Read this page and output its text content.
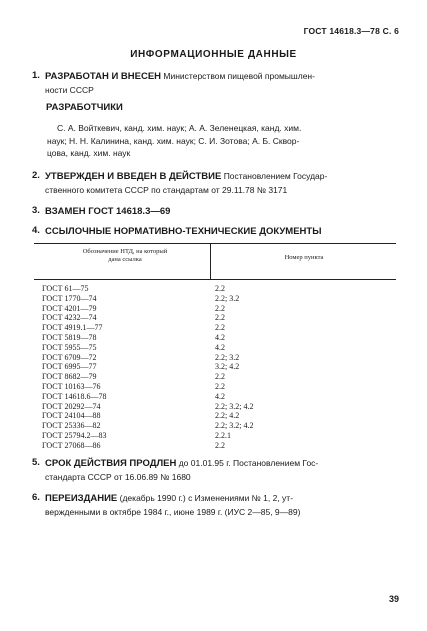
ГОСТ 14618.3—78 С. 6
ИНФОРМАЦИОННЫЕ ДАННЫЕ
1. РАЗРАБОТАН И ВНЕСЕН Министерством пищевой промышлен-
ности СССР
РАЗРАБОТЧИКИ
С. А. Войткевич, канд. хим. наук; А. А. Зеленецкая, канд. хим.
наук; Н. Н. Калинина, канд. хим. наук; С. И. Зотова; А. Б. Сквор-
цова, канд. хим. наук
2. УТВЕРЖДЕН И ВВЕДЕН В ДЕЙСТВИЕ Постановлением Государ-
ственного комитета СССР по стандартам от 29.11.78 № 3171
3. ВЗАМЕН ГОСТ 14618.3—69
4. ССЫЛОЧНЫЕ НОРМАТИВНО-ТЕХНИЧЕСКИЕ ДОКУМЕНТЫ
Обозначение НТД, на который
дана ссылка	Номер пункта
ГОСТ 61—75	2.2
ГОСТ 1770—74	2.2; 3.2
ГОСТ 4201—79	2.2
ГОСТ 4232—74	2.2
ГОСТ 4919.1—77	2.2
ГОСТ 5819—78	4.2
ГОСТ 5955—75	4.2
ГОСТ 6709—72	2.2; 3.2
ГОСТ 6995—77	3.2; 4.2
ГОСТ 8682—79	2.2
ГОСТ 10163—76	2.2
ГОСТ 14618.6—78	4.2
ГОСТ 20292—74	2.2; 3.2; 4.2
ГОСТ 24104—88	2.2; 4.2
ГОСТ 25336—82	2.2; 3.2; 4.2
ГОСТ 25794.2—83	2.2.1
ГОСТ 27068—86	2.2
5. СРОК ДЕЙСТВИЯ ПРОДЛЕН до 01.01.95 г. Постановлением Гос-
стандарта СССР от 16.06.89 № 1680
6. ПЕРЕИЗДАНИЕ (декабрь 1990 г.) с Изменениями № 1, 2, ут-
вержденными в октябре 1984 г., июне 1989 г. (ИУС 2—85, 9—89)
39
